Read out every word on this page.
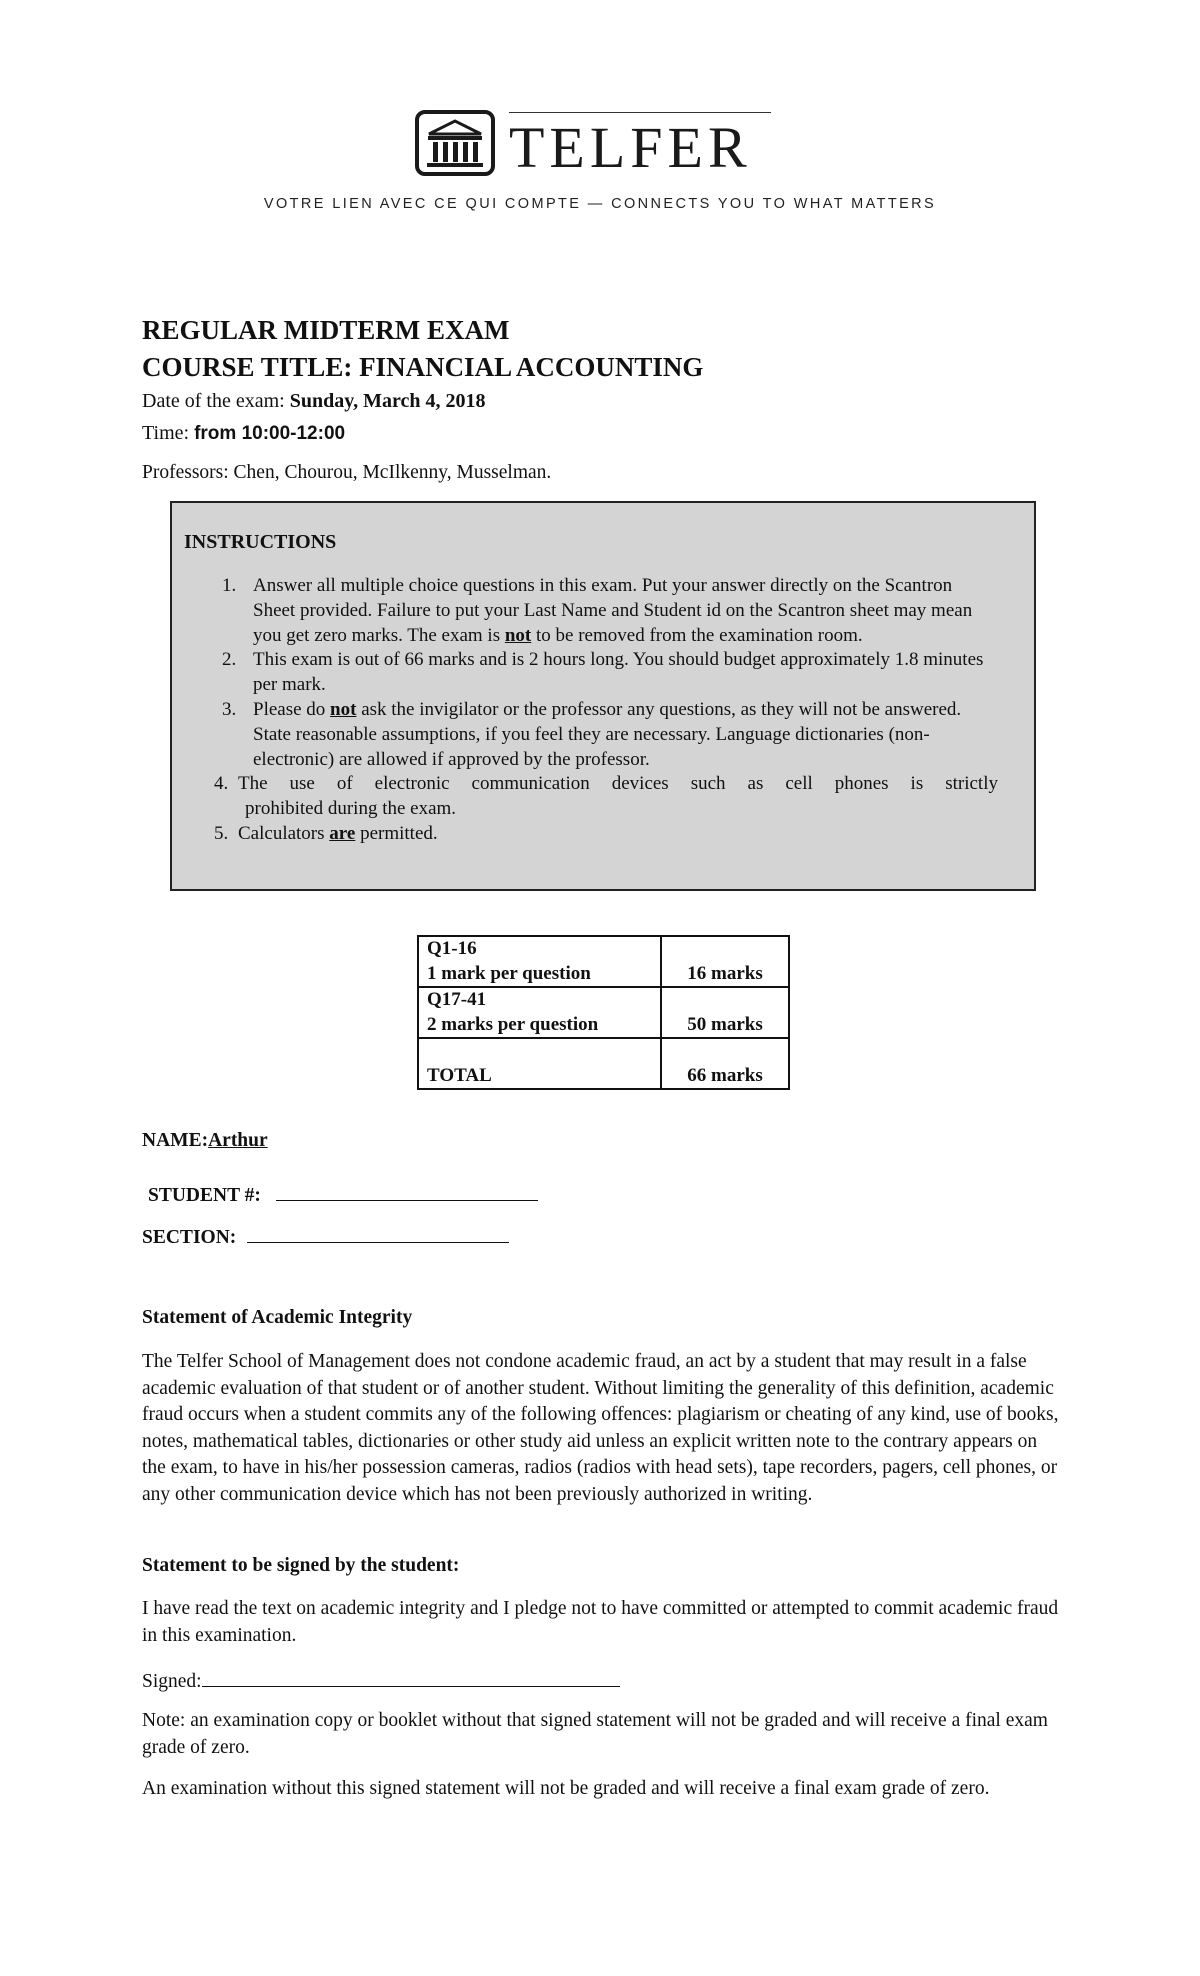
TELFER
VOTRE LIEN AVEC CE QUI COMPTE — CONNECTS YOU TO WHAT MATTERS
REGULAR MIDTERM EXAM
COURSE TITLE: FINANCIAL ACCOUNTING
Date of the exam: Sunday, March 4, 2018
Time: from 10:00-12:00
Professors: Chen, Chourou, McIlkenny, Musselman.
INSTRUCTIONS
1. Answer all multiple choice questions in this exam. Put your answer directly on the Scantron Sheet provided. Failure to put your Last Name and Student id on the Scantron sheet may mean you get zero marks. The exam is not to be removed from the examination room.
2. This exam is out of 66 marks and is 2 hours long. You should budget approximately 1.8 minutes per mark.
3. Please do not ask the invigilator or the professor any questions, as they will not be answered. State reasonable assumptions, if you feel they are necessary. Language dictionaries (non-electronic) are allowed if approved by the professor.
4. The use of electronic communication devices such as cell phones is strictly
prohibited during the exam.
5. Calculators are permitted.
Q1-16
1 mark per question	16 marks

Q17-41
2 marks per question	50 marks

TOTAL	66 marks
NAME:Arthur
STUDENT #:
SECTION:
Statement of Academic Integrity
The Telfer School of Management does not condone academic fraud, an act by a student that may result in a false academic evaluation of that student or of another student. Without limiting the generality of this definition, academic fraud occurs when a student commits any of the following offences: plagiarism or cheating of any kind, use of books, notes, mathematical tables, dictionaries or other study aid unless an explicit written note to the contrary appears on the exam, to have in his/her possession cameras, radios (radios with head sets), tape recorders, pagers, cell phones, or any other communication device which has not been previously authorized in writing.
Statement to be signed by the student:
I have read the text on academic integrity and I pledge not to have committed or attempted to commit academic fraud in this examination.
Signed:
Note: an examination copy or booklet without that signed statement will not be graded and will receive a final exam grade of zero.
An examination without this signed statement will not be graded and will receive a final exam grade of zero.
